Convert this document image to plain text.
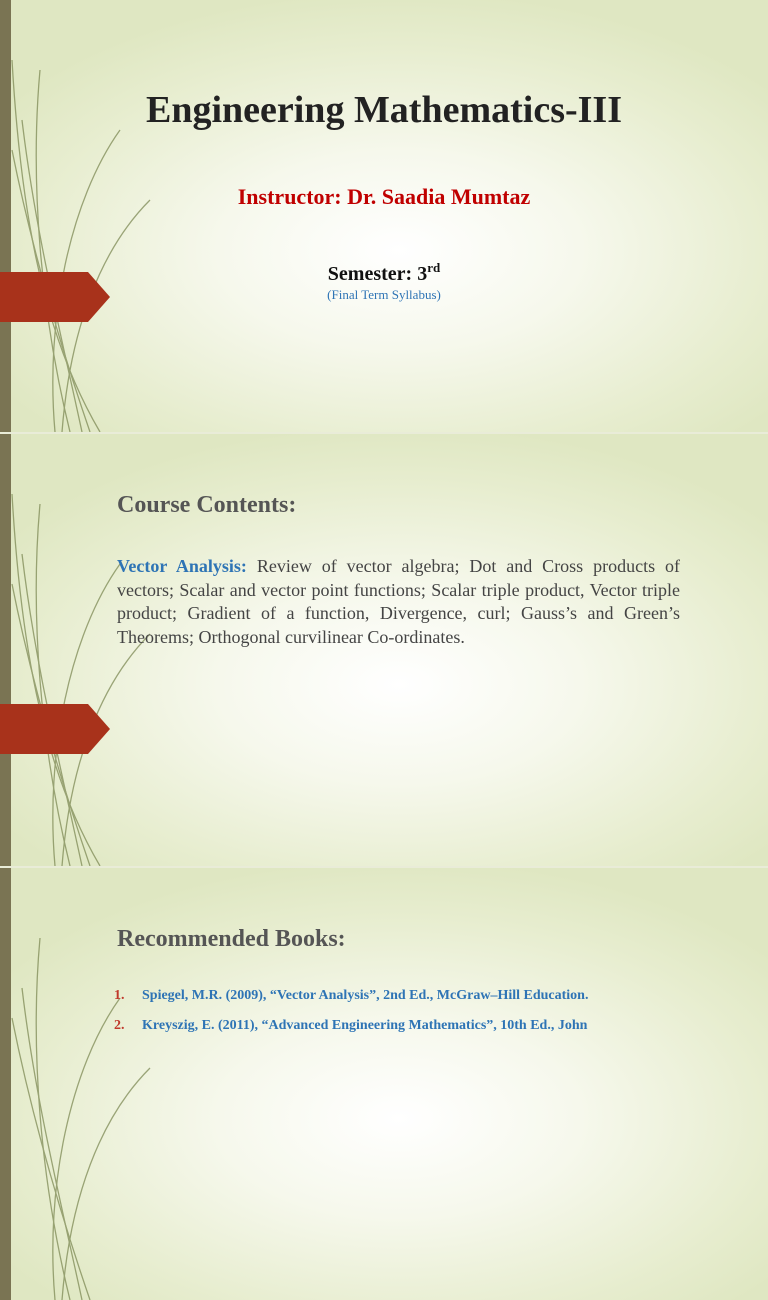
Engineering Mathematics-III
Instructor: Dr. Saadia Mumtaz
Semester: 3rd
(Final Term Syllabus)
Course Contents:

Vector Analysis: Review of vector algebra; Dot and Cross products of vectors; Scalar and vector point functions; Scalar triple product, Vector triple product; Gradient of a function, Divergence, curl; Gauss’s and Green’s Theorems; Orthogonal curvilinear Co-ordinates.

Recommended Books:
1. Spiegel, M.R. (2009), “Vector Analysis”, 2nd Ed., McGraw–Hill Education.
2. Kreyszig, E. (2011), “Advanced Engineering Mathematics”, 10th Ed., John
